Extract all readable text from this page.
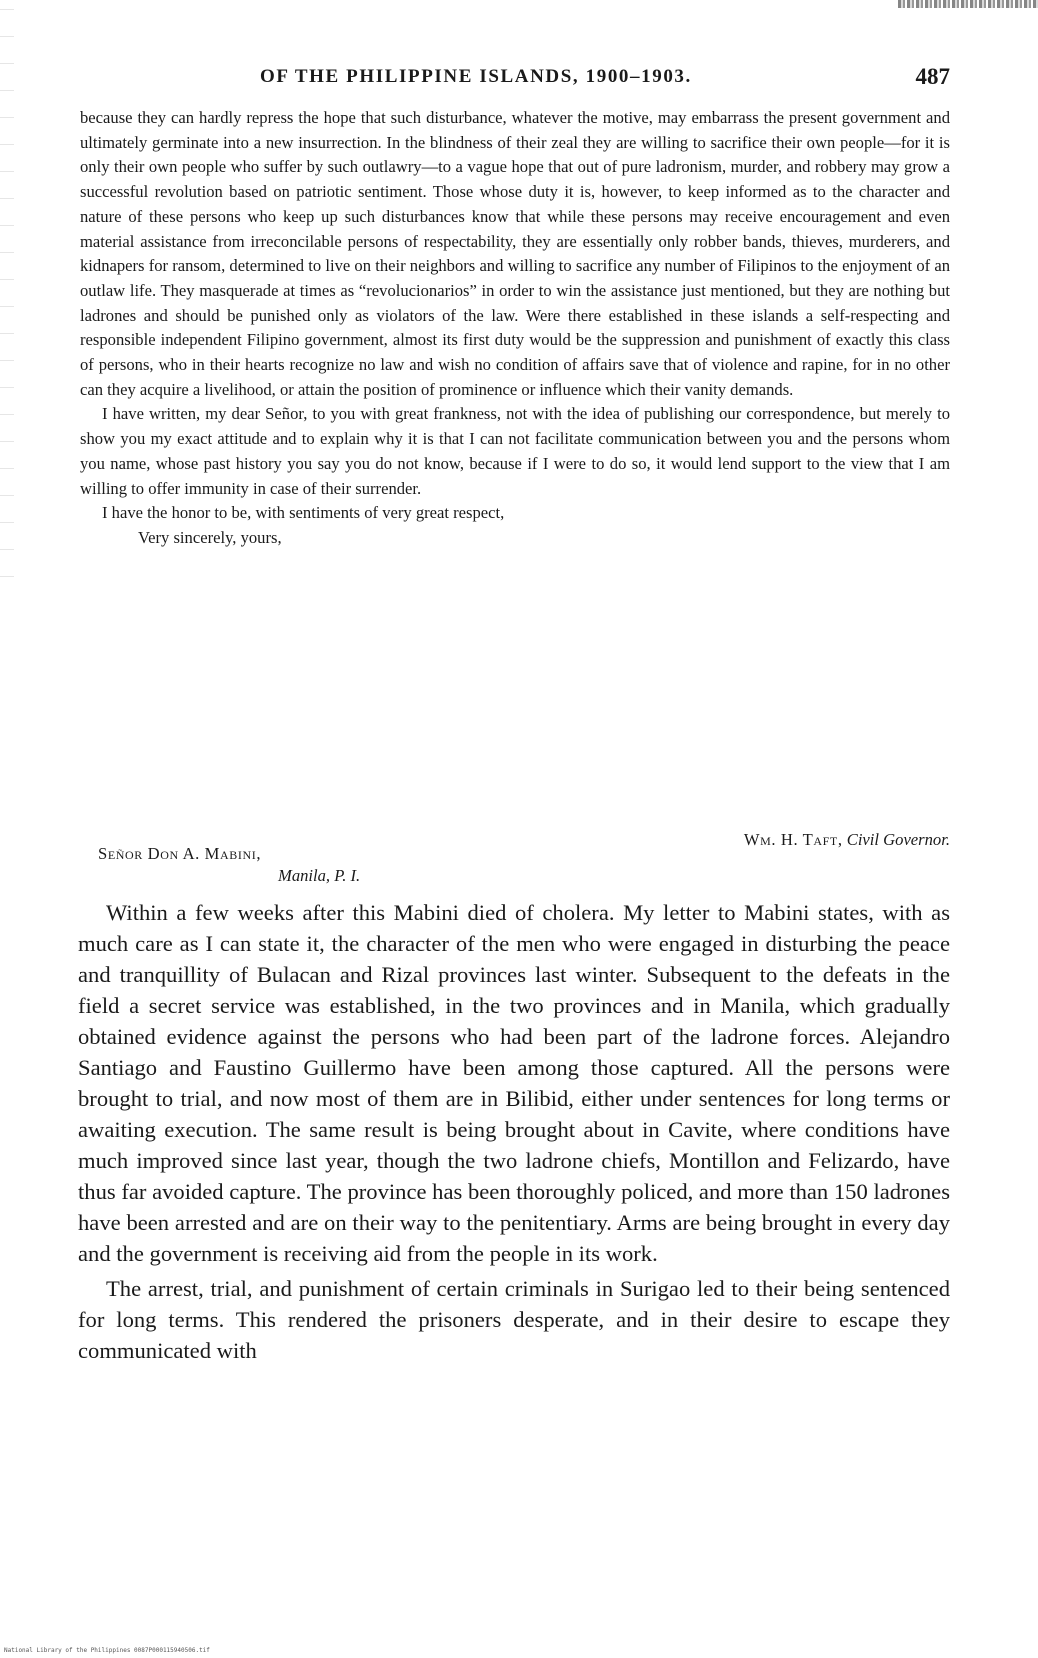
OF THE PHILIPPINE ISLANDS, 1900–1903.	487

because they can hardly repress the hope that such disturbance, whatever the motive, may embarrass the present government and ultimately germinate into a new insurrection. In the blindness of their zeal they are willing to sacrifice their own people—for it is only their own people who suffer by such outlawry—to a vague hope that out of pure ladronism, murder, and robbery may grow a successful revolution based on patriotic sentiment. Those whose duty it is, however, to keep informed as to the character and nature of these persons who keep up such disturbances know that while these persons may receive encouragement and even material assistance from irreconcilable persons of respectability, they are essentially only robber bands, thieves, murderers, and kidnapers for ransom, determined to live on their neighbors and willing to sacrifice any number of Filipinos to the enjoyment of an outlaw life. They masquerade at times as “revolucionarios” in order to win the assistance just mentioned, but they are nothing but ladrones and should be punished only as violators of the law. Were there established in these islands a self-respecting and responsible independent Filipino government, almost its first duty would be the suppression and punishment of exactly this class of persons, who in their hearts recognize no law and wish no condition of affairs save that of violence and rapine, for in no other can they acquire a livelihood, or attain the position of prominence or influence which their vanity demands.

I have written, my dear Señor, to you with great frankness, not with the idea of publishing our correspondence, but merely to show you my exact attitude and to explain why it is that I can not facilitate communication between you and the persons whom you name, whose past history you say you do not know, because if I were to do so, it would lend support to the view that I am willing to offer immunity in case of their surrender.

I have the honor to be, with sentiments of very great respect,

Very sincerely, yours,

Wm. H. Taft, Civil Governor.
Señor Don A. Mabini,
Manila, P. I.

Within a few weeks after this Mabini died of cholera. My letter to Mabini states, with as much care as I can state it, the character of the men who were engaged in disturbing the peace and tranquillity of Bulacan and Rizal provinces last winter. Subsequent to the defeats in the field a secret service was established, in the two provinces and in Manila, which gradually obtained evidence against the persons who had been part of the ladrone forces. Alejandro Santiago and Faustino Guillermo have been among those captured. All the persons were brought to trial, and now most of them are in Bilibid, either under sentences for long terms or awaiting execution. The same result is being brought about in Cavite, where conditions have much improved since last year, though the two ladrone chiefs, Montillon and Felizardo, have thus far avoided capture. The province has been thoroughly policed, and more than 150 ladrones have been arrested and are on their way to the penitentiary. Arms are being brought in every day and the government is receiving aid from the people in its work.

The arrest, trial, and punishment of certain criminals in Surigao led to their being sentenced for long terms. This rendered the prisoners desperate, and in their desire to escape they communicated with

National Library of the Philippines 0087P000115940506.tif
